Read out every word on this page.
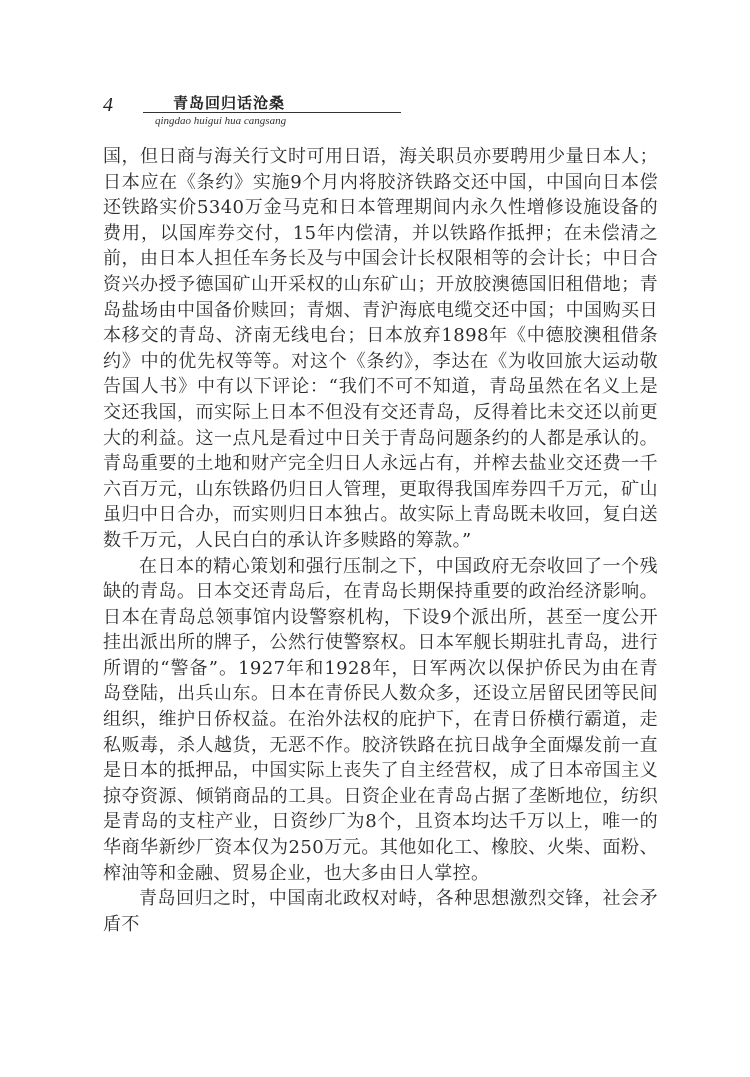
4	青岛回归话沧桑
qingdao huigui hua cangsang

国，但日商与海关行文时可用日语，海关职员亦要聘用少量日本人；日本应在《条约》实施9个月内将胶济铁路交还中国，中国向日本偿还铁路实价5340万金马克和日本管理期间内永久性增修设施设备的费用，以国库券交付，15年内偿清，并以铁路作抵押；在未偿清之前，由日本人担任车务长及与中国会计长权限相等的会计长；中日合资兴办授予德国矿山开采权的山东矿山；开放胶澳德国旧租借地；青岛盐场由中国备价赎回；青烟、青沪海底电缆交还中国；中国购买日本移交的青岛、济南无线电台；日本放弃1898年《中德胶澳租借条约》中的优先权等等。对这个《条约》，李达在《为收回旅大运动敬告国人书》中有以下评论：“我们不可不知道，青岛虽然在名义上是交还我国，而实际上日本不但没有交还青岛，反得着比未交还以前更大的利益。这一点凡是看过中日关于青岛问题条约的人都是承认的。青岛重要的土地和财产完全归日人永远占有，并榨去盐业交还费一千六百万元，山东铁路仍归日人管理，更取得我国库券四千万元，矿山虽归中日合办，而实则归日本独占。故实际上青岛既未收回，复白送数千万元，人民白白的承认许多赎路的筹款。”

在日本的精心策划和强行压制之下，中国政府无奈收回了一个残缺的青岛。日本交还青岛后，在青岛长期保持重要的政治经济影响。日本在青岛总领事馆内设警察机构，下设9个派出所，甚至一度公开挂出派出所的牌子，公然行使警察权。日本军舰长期驻扎青岛，进行所谓的“警备”。1927年和1928年，日军两次以保护侨民为由在青岛登陆，出兵山东。日本在青侨民人数众多，还设立居留民团等民间组织，维护日侨权益。在治外法权的庇护下，在青日侨横行霸道，走私贩毒，杀人越货，无恶不作。胶济铁路在抗日战争全面爆发前一直是日本的抵押品，中国实际上丧失了自主经营权，成了日本帝国主义掠夺资源、倾销商品的工具。日资企业在青岛占据了垄断地位，纺织是青岛的支柱产业，日资纱厂为8个，且资本均达千万以上，唯一的华商华新纱厂资本仅为250万元。其他如化工、橡胶、火柴、面粉、榨油等和金融、贸易企业，也大多由日人掌控。

青岛回归之时，中国南北政权对峙，各种思想激烈交锋，社会矛盾不
